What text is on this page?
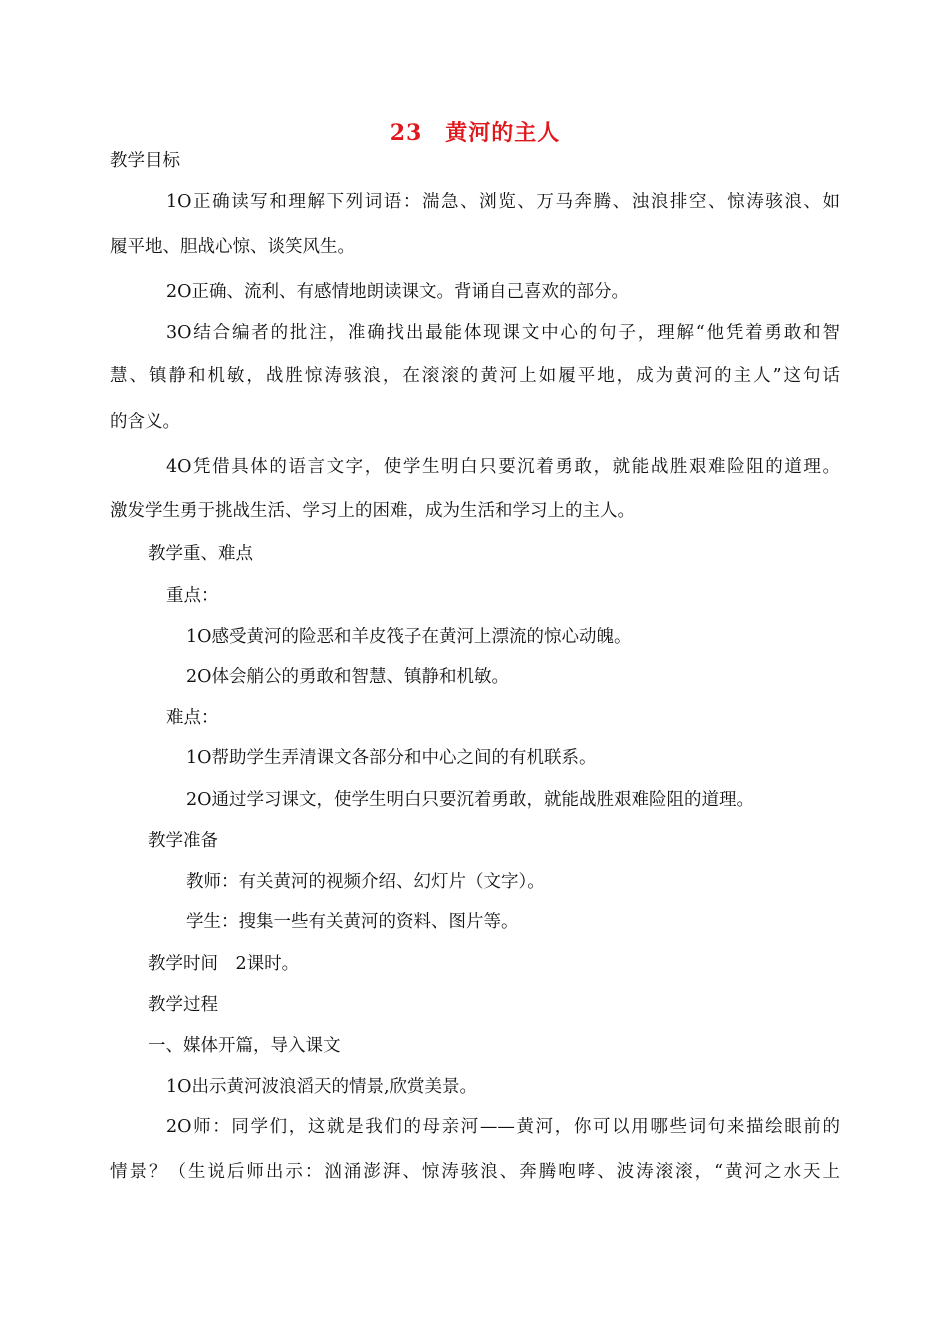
23　黄河的主人
教学目标
1O正确读写和理解下列词语：湍急、浏览、万马奔腾、浊浪排空、惊涛骇浪、如
履平地、胆战心惊、谈笑风生。
2O正确、流利、有感情地朗读课文。背诵自己喜欢的部分。
3O结合编者的批注，准确找出最能体现课文中心的句子，理解“他凭着勇敢和智
慧、镇静和机敏，战胜惊涛骇浪，在滚滚的黄河上如履平地，成为黄河的主人”这句话
的含义。
4O凭借具体的语言文字，使学生明白只要沉着勇敢，就能战胜艰难险阻的道理。
激发学生勇于挑战生活、学习上的困难，成为生活和学习上的主人。
教学重、难点
重点：
1O感受黄河的险恶和羊皮筏子在黄河上漂流的惊心动魄。
2O体会艄公的勇敢和智慧、镇静和机敏。
难点：
1O帮助学生弄清课文各部分和中心之间的有机联系。
2O通过学习课文，使学生明白只要沉着勇敢，就能战胜艰难险阻的道理。
教学准备
教师：有关黄河的视频介绍、幻灯片（文字）。
学生：搜集一些有关黄河的资料、图片等。
教学时间　2课时。
教学过程
一、媒体开篇，导入课文
1O出示黄河波浪滔天的情景,欣赏美景。
2O师：同学们，这就是我们的母亲河——黄河，你可以用哪些词句来描绘眼前的
情景？（生说后师出示：汹涌澎湃、惊涛骇浪、奔腾咆哮、波涛滚滚，“黄河之水天上
